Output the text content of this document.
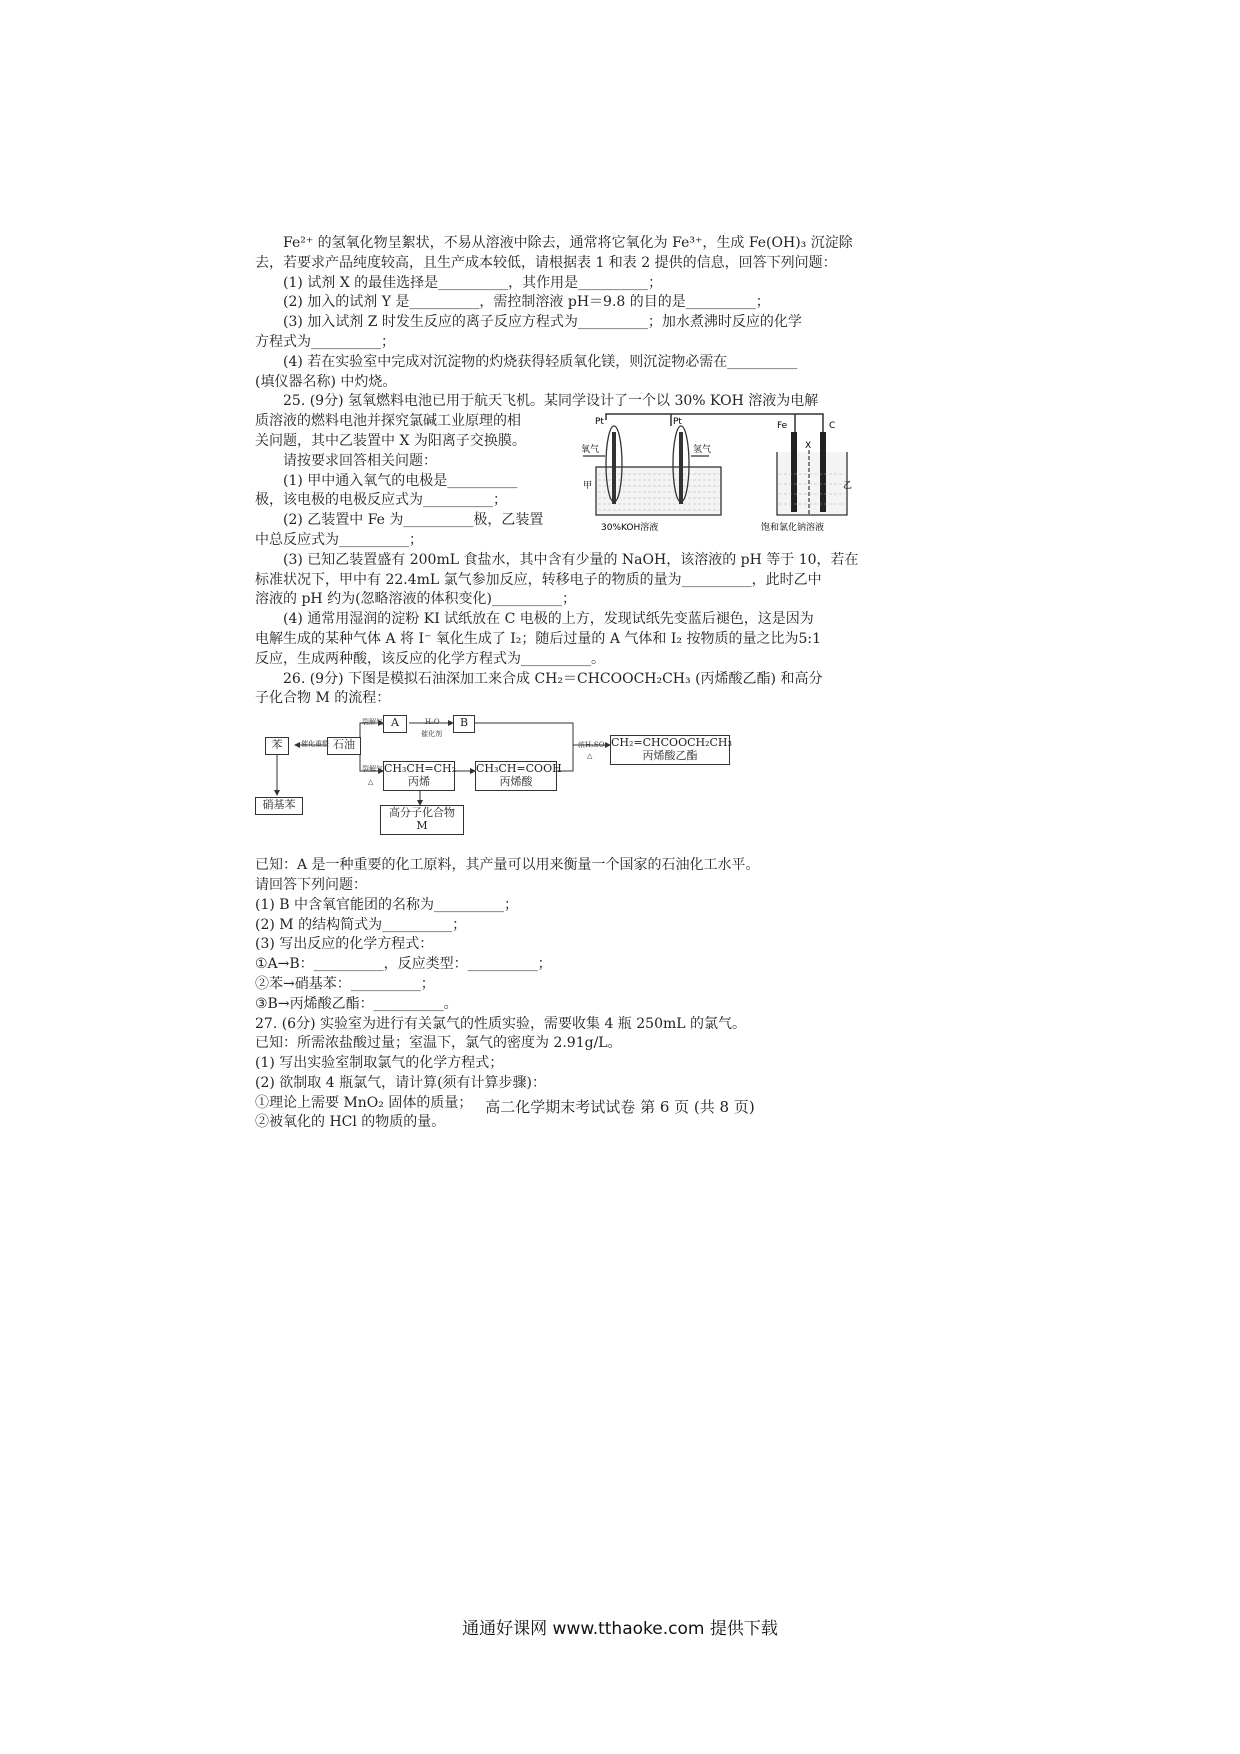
Fe²⁺ 的氢氧化物呈絮状，不易从溶液中除去，通常将它氧化为 Fe³⁺，生成 Fe(OH)₃ 沉淀除
去，若要求产品纯度较高，且生产成本较低，请根据表 1 和表 2 提供的信息，回答下列问题：
(1) 试剂 X 的最佳选择是__________，其作用是__________；
(2) 加入的试剂 Y 是__________，需控制溶液 pH＝9.8 的目的是__________；
(3) 加入试剂 Z 时发生反应的离子反应方程式为__________；加水煮沸时反应的化学
方程式为__________；
(4) 若在实验室中完成对沉淀物的灼烧获得轻质氧化镁，则沉淀物必需在__________
(填仪器名称) 中灼烧。
25. (9分) 氢氧燃料电池已用于航天飞机。某同学设计了一个以 30% KOH 溶液为电解
Pt	Pt	Fe	C
X
氧气	氢气
甲	乙
30%KOH溶液	饱和氯化钠溶液
质溶液的燃料电池并探究氯碱工业原理的相
关问题，其中乙装置中 X 为阳离子交换膜。
请按要求回答相关问题：
(1) 甲中通入氧气的电极是__________
极，该电极的电极反应式为__________；
(2) 乙装置中 Fe 为__________极，乙装置
中总反应式为__________；
(3) 已知乙装置盛有 200mL 食盐水，其中含有少量的 NaOH，该溶液的 pH 等于 10，若在
标准状况下，甲中有 22.4mL 氯气参加反应，转移电子的物质的量为__________，此时乙中
溶液的 pH 约为(忽略溶液的体积变化)__________；
(4) 通常用湿润的淀粉 KI 试纸放在 C 电极的上方，发现试纸先变蓝后褪色，这是因为
电解生成的某种气体 A 将 I⁻ 氧化生成了 I₂；随后过量的 A 气体和 I₂ 按物质的量之比为5:1
反应，生成两种酸，该反应的化学方程式为__________。
26. (9分) 下图是模拟石油深加工来合成 CH₂＝CHCOOCH₂CH₃ (丙烯酸乙酯) 和高分
子化合物 M 的流程：
苯	石油
A	B
CH₃CH=CH₂
丙烯
CH₃CH=COOH
丙烯酸
CH₂=CHCOOCH₂CH₃
丙烯酸乙酯
高分子化合物
M
硝基苯
催化重整
裂解气	H₂O
催化剂
裂解气
△
浓H₂SO₄
△
已知：A 是一种重要的化工原料，其产量可以用来衡量一个国家的石油化工水平。
请回答下列问题：
(1) B 中含氧官能团的名称为__________；
(2) M 的结构简式为__________；
(3) 写出反应的化学方程式：
①A→B：__________，反应类型：__________；
②苯→硝基苯：__________；
③B→丙烯酸乙酯：__________。
27. (6分) 实验室为进行有关氯气的性质实验，需要收集 4 瓶 250mL 的氯气。
已知：所需浓盐酸过量；室温下，氯气的密度为 2.91g/L。
(1) 写出实验室制取氯气的化学方程式；
(2) 欲制取 4 瓶氯气，请计算(须有计算步骤)：
①理论上需要 MnO₂ 固体的质量；
②被氧化的 HCl 的物质的量。
高二化学期末考试试卷 第 6 页 (共 8 页)
通通好课网 www.tthaoke.com 提供下载
